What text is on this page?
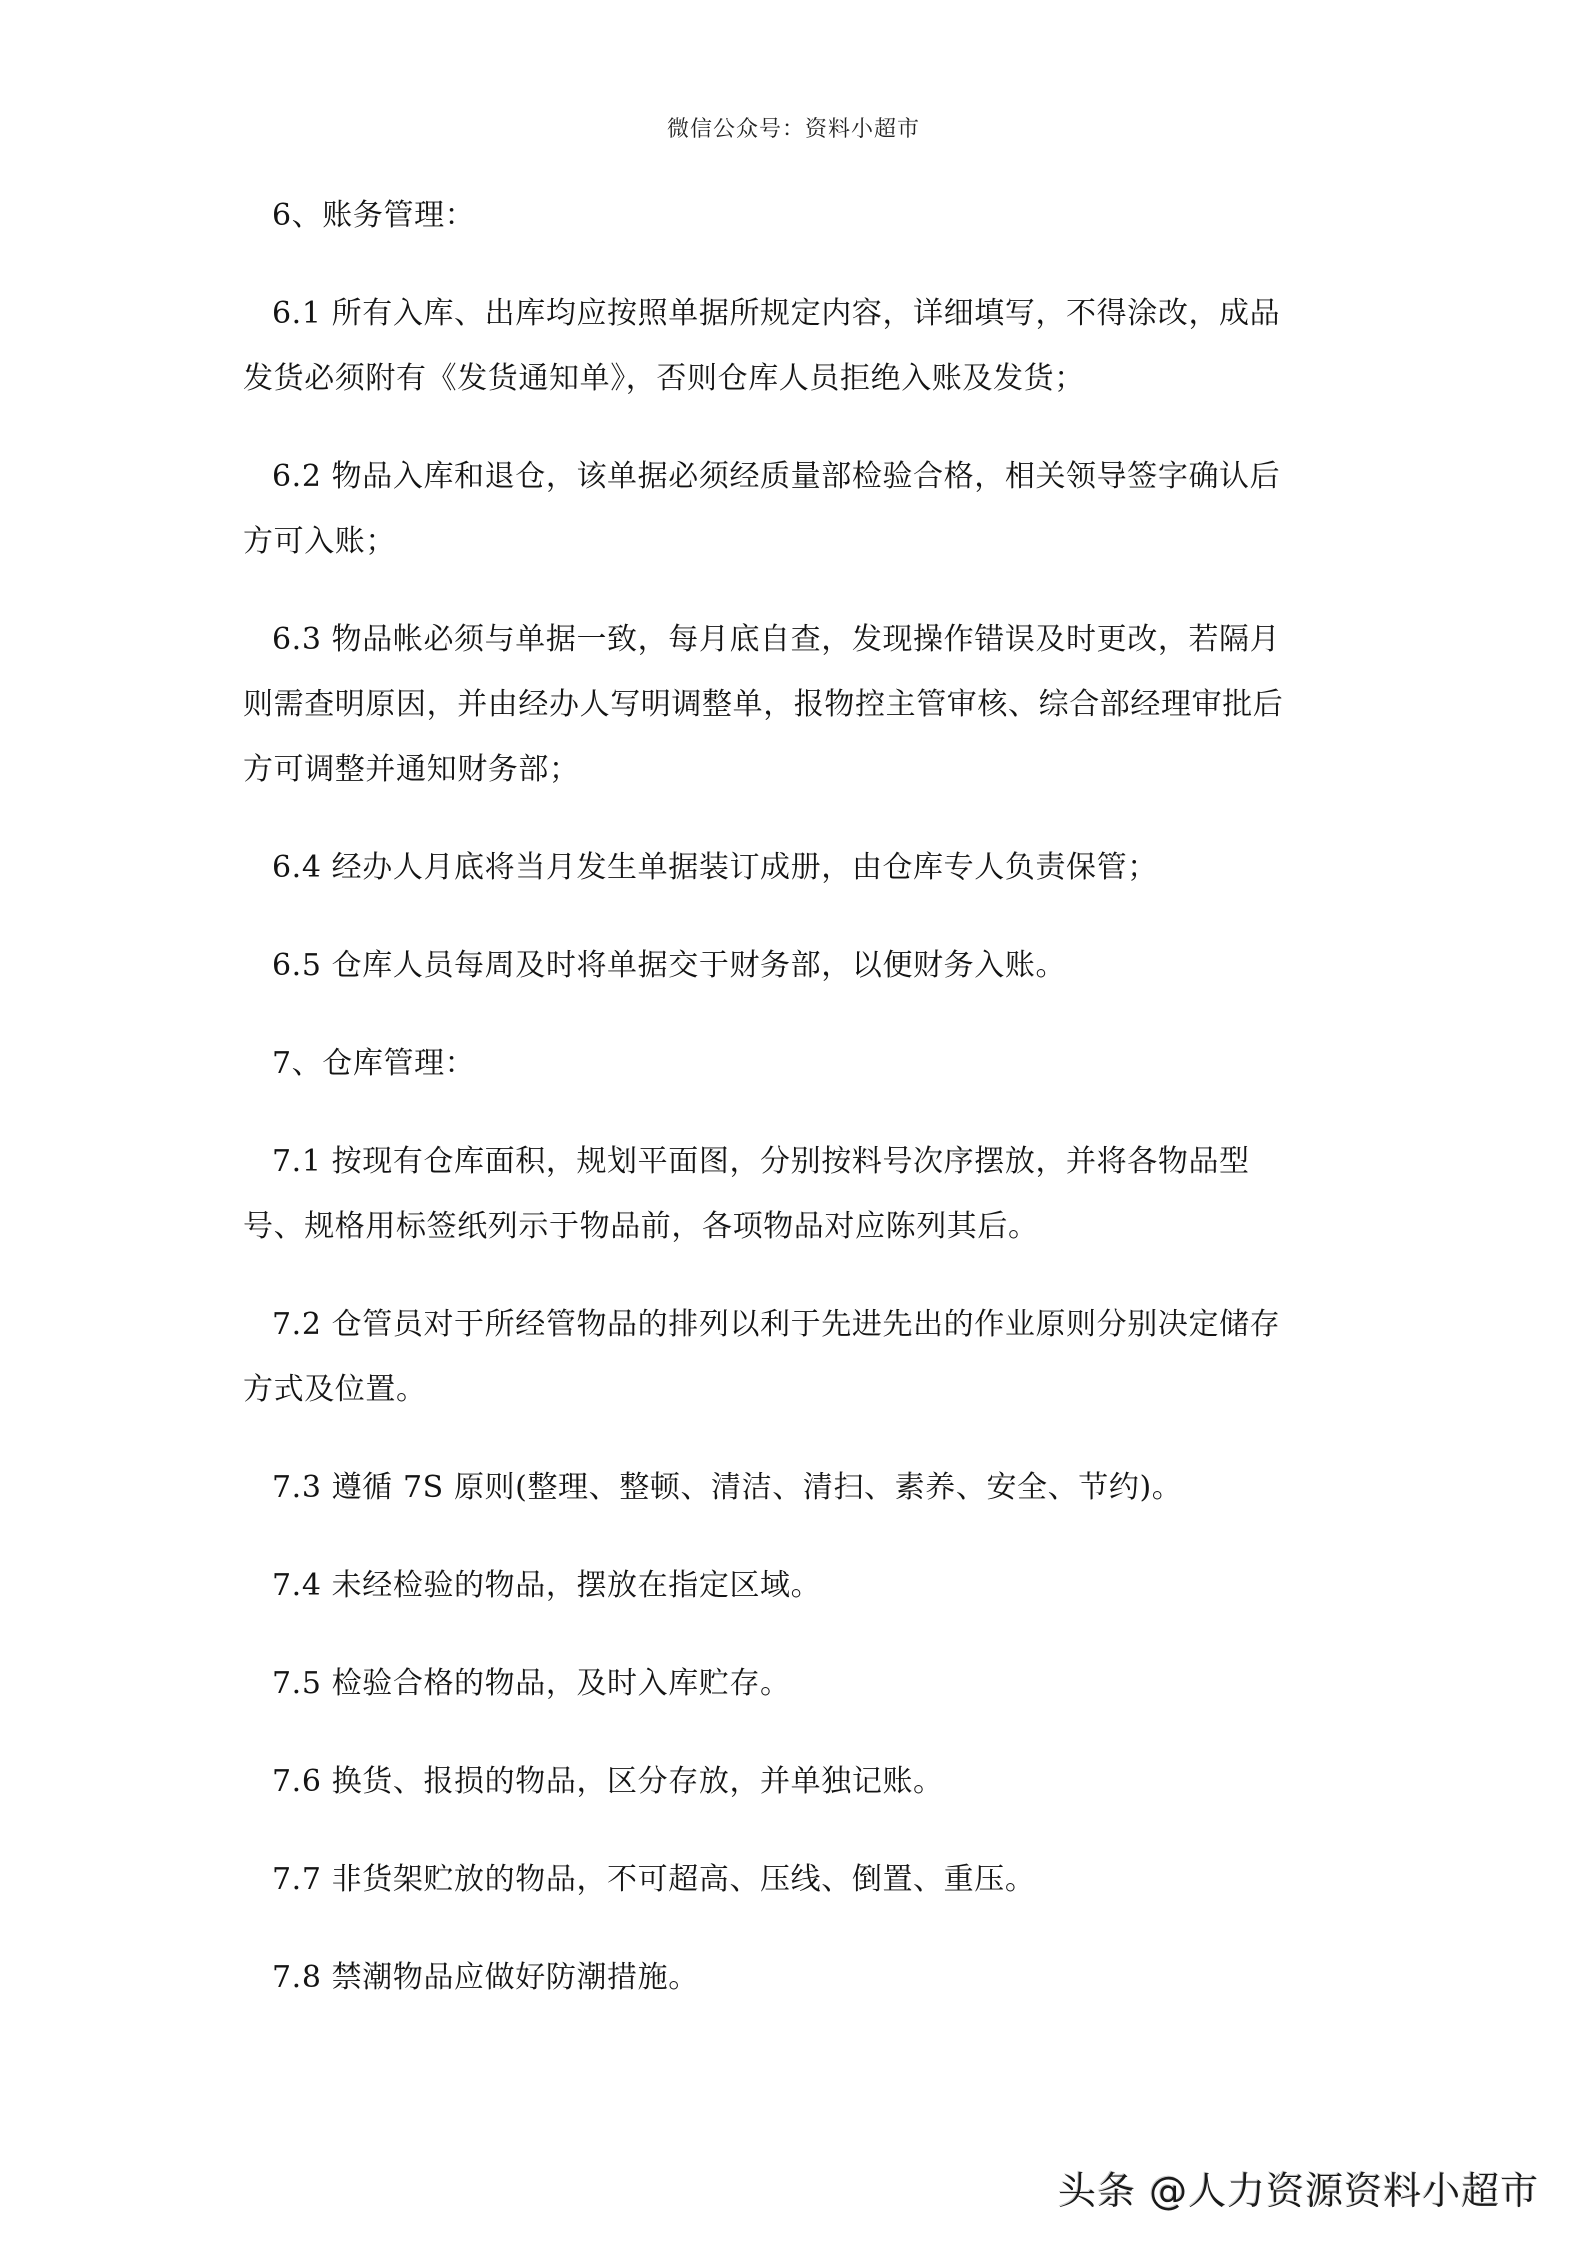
微信公众号：资料小超市
6、账务管理：
6.1 所有入库、出库均应按照单据所规定内容，详细填写，不得涂改，成品
发货必须附有《发货通知单》，否则仓库人员拒绝入账及发货；
6.2 物品入库和退仓，该单据必须经质量部检验合格，相关领导签字确认后
方可入账；
6.3 物品帐必须与单据一致，每月底自查，发现操作错误及时更改，若隔月
则需查明原因，并由经办人写明调整单，报物控主管审核、综合部经理审批后
方可调整并通知财务部；
6.4 经办人月底将当月发生单据装订成册，由仓库专人负责保管；
6.5 仓库人员每周及时将单据交于财务部，以便财务入账。
7、仓库管理：
7.1 按现有仓库面积，规划平面图，分别按料号次序摆放，并将各物品型
号、规格用标签纸列示于物品前，各项物品对应陈列其后。
7.2 仓管员对于所经管物品的排列以利于先进先出的作业原则分别决定储存
方式及位置。
7.3 遵循 7S 原则(整理、整顿、清洁、清扫、素养、安全、节约)。
7.4 未经检验的物品，摆放在指定区域。
7.5 检验合格的物品，及时入库贮存。
7.6 换货、报损的物品，区分存放，并单独记账。
7.7 非货架贮放的物品，不可超高、压线、倒置、重压。
7.8 禁潮物品应做好防潮措施。
头条 @人力资源资料小超市
